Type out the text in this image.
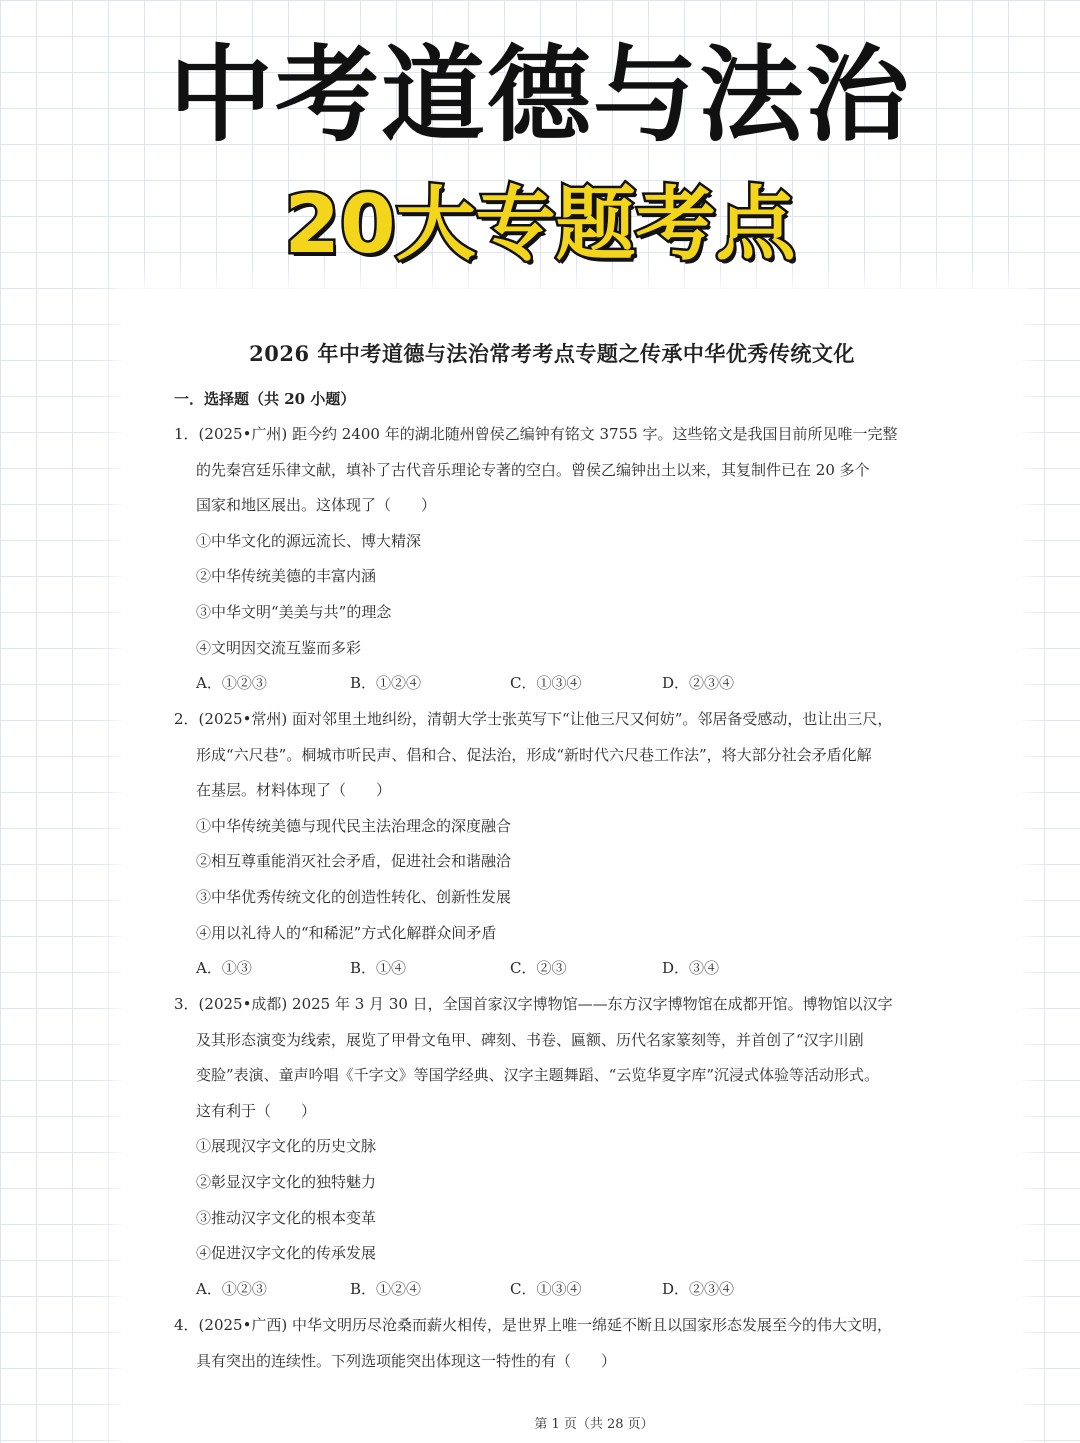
中考道德与法治
20大专题考点
2026 年中考道德与法治常考考点专题之传承中华优秀传统文化
一．选择题（共 20 小题）
1．(2025•广州) 距今约 2400 年的湖北随州曾侯乙编钟有铭文 3755 字。这些铭文是我国目前所见唯一完整
的先秦宫廷乐律文献，填补了古代音乐理论专著的空白。曾侯乙编钟出土以来，其复制件已在 20 多个
国家和地区展出。这体现了（　　）
①中华文化的源远流长、博大精深
②中华传统美德的丰富内涵
③中华文明“美美与共”的理念
④文明因交流互鉴而多彩
A．①②③	B．①②④	C．①③④	D．②③④
2．(2025•常州) 面对邻里土地纠纷，清朝大学士张英写下“让他三尺又何妨”。邻居备受感动，也让出三尺，
形成“六尺巷”。桐城市听民声、倡和合、促法治，形成“新时代六尺巷工作法”，将大部分社会矛盾化解
在基层。材料体现了（　　）
①中华传统美德与现代民主法治理念的深度融合
②相互尊重能消灭社会矛盾，促进社会和谐融洽
③中华优秀传统文化的创造性转化、创新性发展
④用以礼待人的“和稀泥”方式化解群众间矛盾
A．①③	B．①④	C．②③	D．③④
3．(2025•成都) 2025 年 3 月 30 日，全国首家汉字博物馆——东方汉字博物馆在成都开馆。博物馆以汉字
及其形态演变为线索，展览了甲骨文龟甲、碑刻、书卷、匾额、历代名家篆刻等，并首创了“汉字川剧
变脸”表演、童声吟唱《千字文》等国学经典、汉字主题舞蹈、“云览华夏字库”沉浸式体验等活动形式。
这有利于（　　）
①展现汉字文化的历史文脉
②彰显汉字文化的独特魅力
③推动汉字文化的根本变革
④促进汉字文化的传承发展
A．①②③	B．①②④	C．①③④	D．②③④
4．(2025•广西) 中华文明历尽沧桑而薪火相传，是世界上唯一绵延不断且以国家形态发展至今的伟大文明，
具有突出的连续性。下列选项能突出体现这一特性的有（　　）
第 1 页（共 28 页）
